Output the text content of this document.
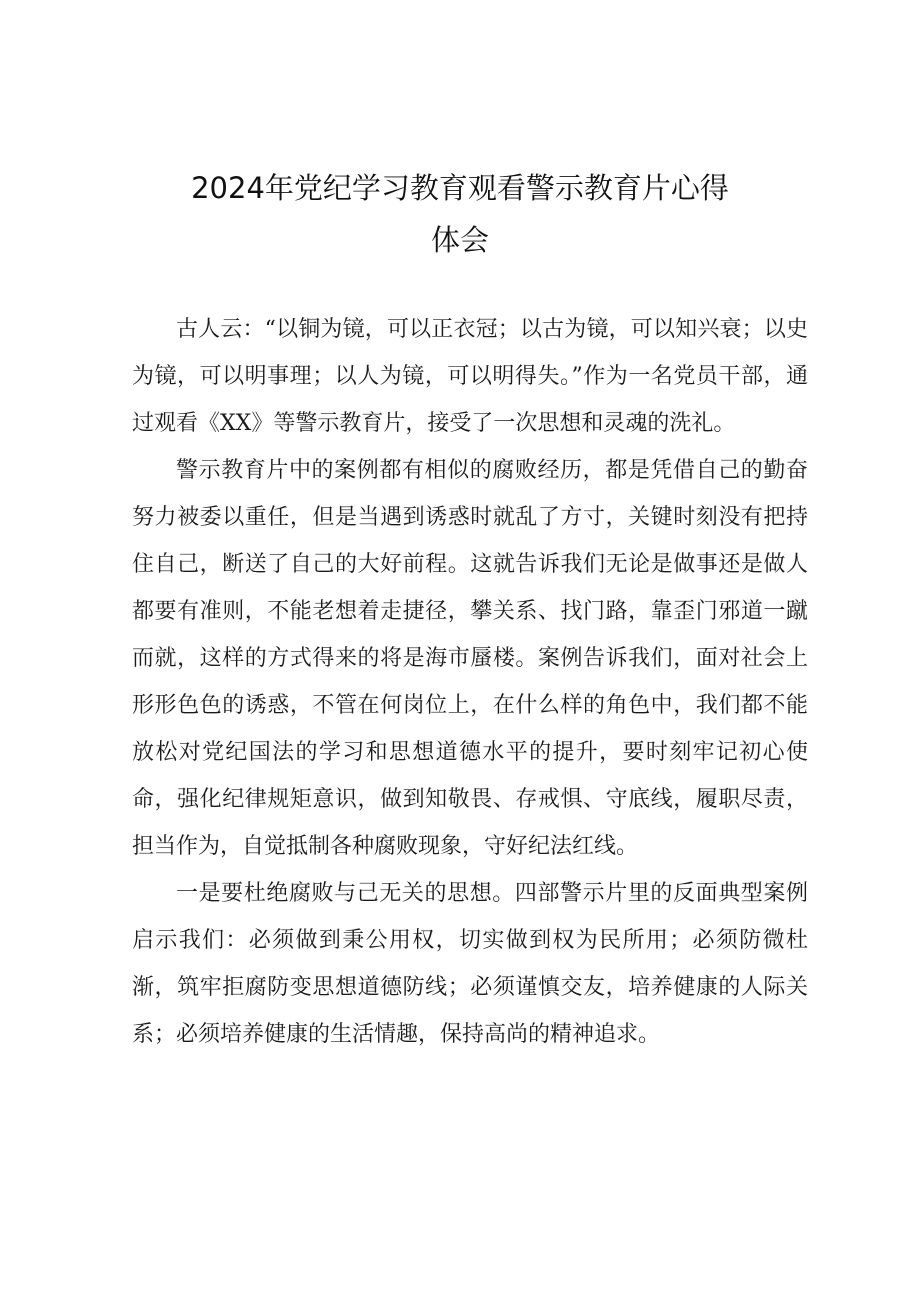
2024年党纪学习教育观看警示教育片心得
体会

古人云：“以铜为镜，可以正衣冠；以古为镜，可以知兴衰；以史为镜，可以明事理；以人为镜，可以明得失。”作为一名党员干部，通过观看《XX》等警示教育片，接受了一次思想和灵魂的洗礼。

警示教育片中的案例都有相似的腐败经历，都是凭借自己的勤奋努力被委以重任，但是当遇到诱惑时就乱了方寸，关键时刻没有把持住自己，断送了自己的大好前程。这就告诉我们无论是做事还是做人都要有准则，不能老想着走捷径，攀关系、找门路，靠歪门邪道一蹴而就，这样的方式得来的将是海市蜃楼。案例告诉我们，面对社会上形形色色的诱惑，不管在何岗位上，在什么样的角色中，我们都不能放松对党纪国法的学习和思想道德水平的提升，要时刻牢记初心使命，强化纪律规矩意识，做到知敬畏、存戒惧、守底线，履职尽责，担当作为，自觉抵制各种腐败现象，守好纪法红线。

一是要杜绝腐败与己无关的思想。四部警示片里的反面典型案例启示我们：必须做到秉公用权，切实做到权为民所用；必须防微杜渐，筑牢拒腐防变思想道德防线；必须谨慎交友，培养健康的人际关系；必须培养健康的生活情趣，保持高尚的精神追求。
